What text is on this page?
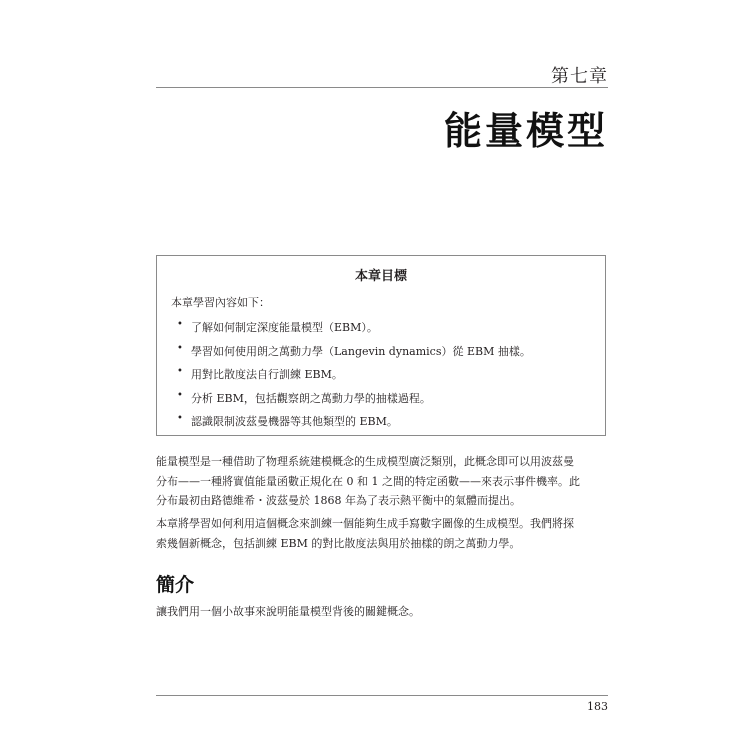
第七章
能量模型
本章目標
本章學習內容如下：
• 了解如何制定深度能量模型（EBM）。
• 學習如何使用朗之萬動力學（Langevin dynamics）從 EBM 抽樣。
• 用對比散度法自行訓練 EBM。
• 分析 EBM，包括觀察朗之萬動力學的抽樣過程。
• 認識限制波茲曼機器等其他類型的 EBM。
能量模型是一種借助了物理系統建模概念的生成模型廣泛類別，此概念即可以用波茲曼
分布——一種將實值能量函數正規化在 0 和 1 之間的特定函數——來表示事件機率。此
分布最初由路德維希・波茲曼於 1868 年為了表示熱平衡中的氣體而提出。
本章將學習如何利用這個概念來訓練一個能夠生成手寫數字圖像的生成模型。我們將探
索幾個新概念，包括訓練 EBM 的對比散度法與用於抽樣的朗之萬動力學。
簡介
讓我們用一個小故事來說明能量模型背後的關鍵概念。
183
